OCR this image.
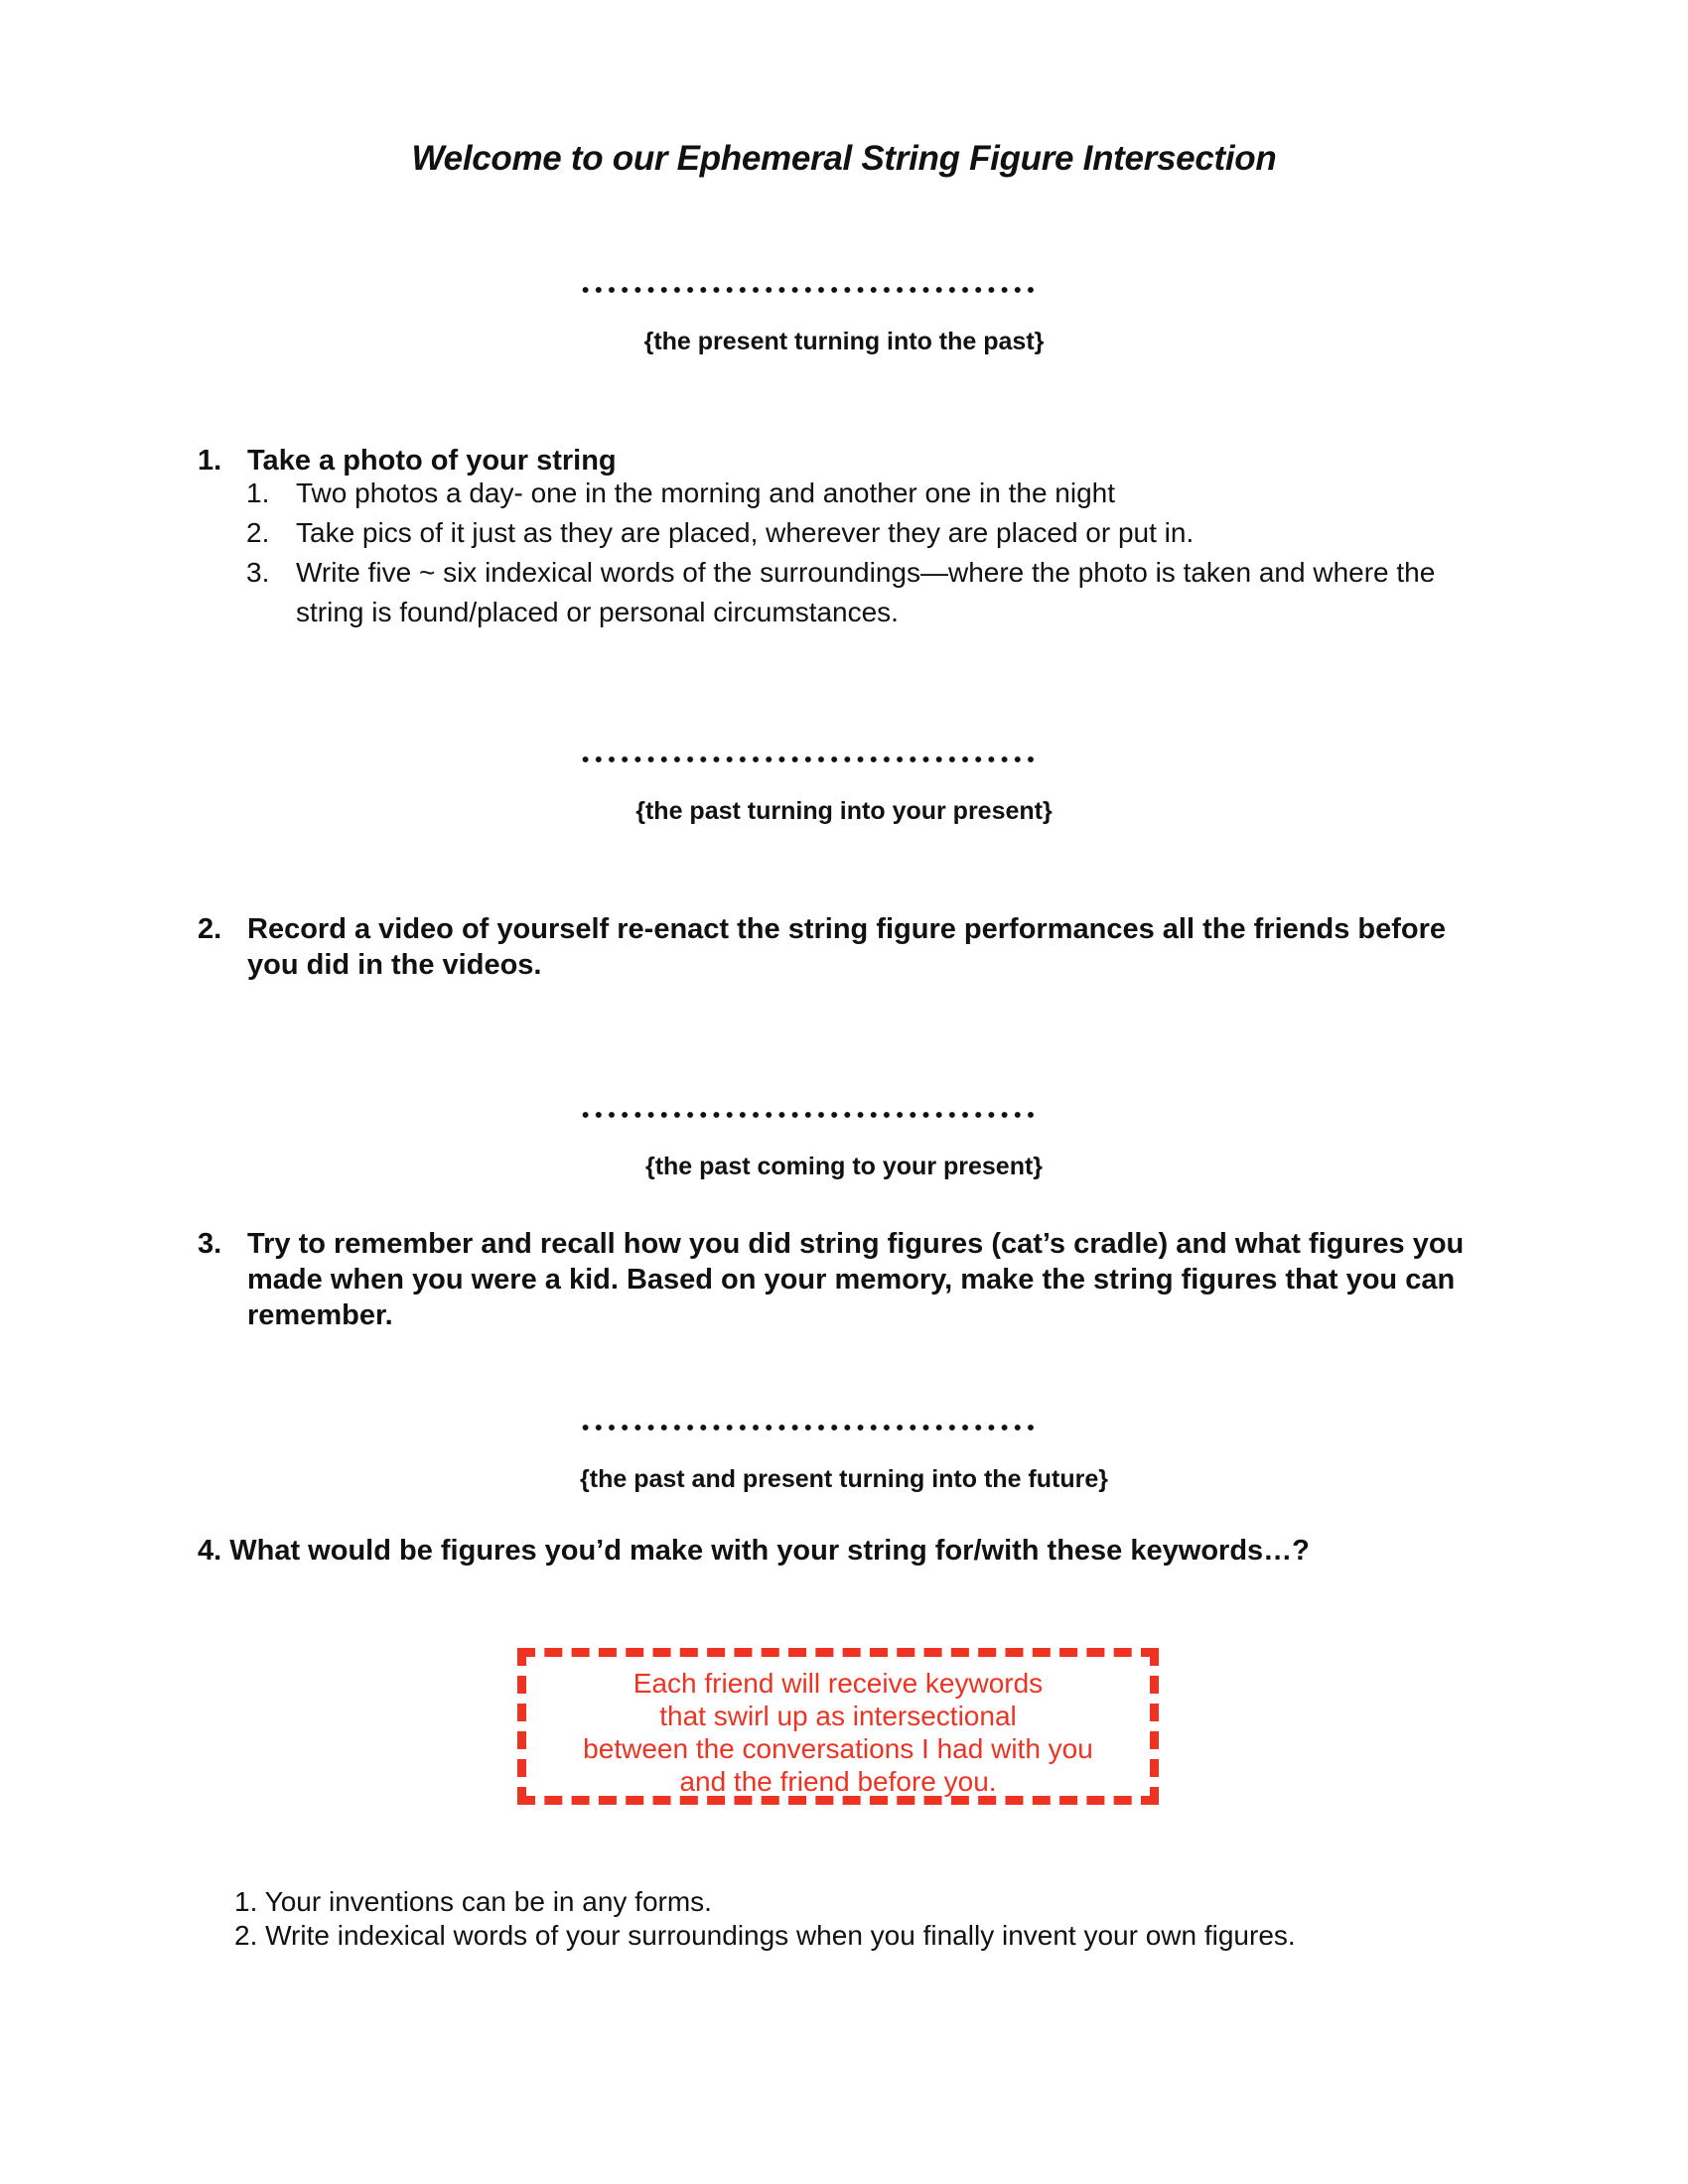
Welcome to our Ephemeral String Figure Intersection
{the present turning into the past}
1. Take a photo of your string
1. Two photos a day- one in the morning and another one in the night
2. Take pics of it just as they are placed, wherever they are placed or put in.
3. Write five ~ six indexical words of the surroundings—where the photo is taken and where the string is found/placed or personal circumstances.
{the past turning into your present}
2. Record a video of yourself re-enact the string figure performances all the friends before you did in the videos.
{the past coming to your present}
3. Try to remember and recall how you did string figures (cat’s cradle) and what figures you made when you were a kid. Based on your memory, make the string figures that you can remember.
{the past and present turning into the future}
4. What would be figures you’d make with your string for/with these keywords…?
Each friend will receive keywords
that swirl up as intersectional
between the conversations I had with you
and the friend before you.
1. Your inventions can be in any forms.
2. Write indexical words of your surroundings when you finally invent your own figures.
